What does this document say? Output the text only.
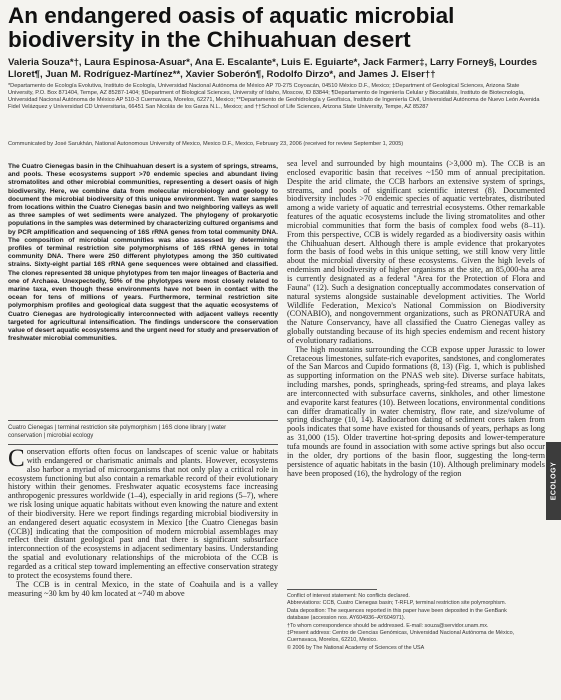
An endangered oasis of aquatic microbial biodiversity in the Chihuahuan desert

Valeria Souza*†, Laura Espinosa-Asuar*, Ana E. Escalante*, Luis E. Eguiarte*, Jack Farmer‡, Larry Forney§, Lourdes Lloret¶, Juan M. Rodríguez-Martínez**, Xavier Soberón¶, Rodolfo Dirzo*, and James J. Elser††

*Departamento de Ecología Evolutiva, Instituto de Ecología, Universidad Nacional Autónoma de México AP 70-275 Coyoacán, 04510 México D.F., Mexico; ‡Department of Geological Sciences, Arizona State University, P.O. Box 871404, Tempe, AZ 85287-1404; §Department of Biological Sciences, University of Idaho, Moscow, ID 83844; ¶Departamento de Ingeniería Celular y Biocatálisis, Instituto de Biotecnología, Universidad Nacional Autónoma de México AP 510-3 Cuernavaca, Morelos, 62271, Mexico; **Departamento de Geohidrología y Geofísica, Instituto de Ingeniería Civil, Universidad Autónoma de Nuevo León Avenida Fidel Velázquez y Universidad CD Universitaria, 66451 San Nicolás de los Garza N.L., Mexico; and ††School of Life Sciences, Arizona State University, Tempe, AZ 85287

Communicated by José Sarukhán, National Autonomous University of Mexico, Mexico D.F., Mexico, February 23, 2006 (received for review September 1, 2005)

The Cuatro Cienegas basin in the Chihuahuan desert is a system of springs, streams, and pools. These ecosystems support >70 endemic species and abundant living stromatolites and other microbial communities, representing a desert oasis of high biodiversity. Here, we combine data from molecular microbiology and geology to document the microbial biodiversity of this unique environment. Ten water samples from locations within the Cuatro Cienegas basin and two neighboring valleys as well as three samples of wet sediments were analyzed. The phylogeny of prokaryotic populations in the samples was determined by characterizing cultured organisms and by PCR amplification and sequencing of 16S rRNA genes from total community DNA. The composition of microbial communities was also assessed by determining profiles of terminal restriction site polymorphisms of 16S rRNA genes in total community DNA. There were 250 different phylotypes among the 350 cultivated strains. Sixty-eight partial 16S rRNA gene sequences were obtained and classified. The clones represented 38 unique phylotypes from ten major lineages of Bacteria and one of Archaea. Unexpectedly, 50% of the phylotypes were most closely related to marine taxa, even though these environments have not been in contact with the ocean for tens of millions of years. Furthermore, terminal restriction site polymorphism profiles and geological data suggest that the aquatic ecosystems of Cuatro Cienegas are hydrologically interconnected with adjacent valleys recently targeted for agricultural intensification. The findings underscore the conservation value of desert aquatic ecosystems and the urgent need for study and preservation of freshwater microbial communities.

Cuatro Cienegas | terminal restriction site polymorphism | 16S clone library | water conservation | microbial ecology

Conservation efforts often focus on landscapes of scenic value or habitats with endangered or charismatic animals and plants. However, ecosystems also harbor a myriad of microorganisms that not only play a critical role in ecosystem functioning but also contain a remarkable record of their evolutionary history within their genomes. Freshwater aquatic ecosystems face increasing anthropogenic pressures worldwide (1–4), especially in arid regions (5–7), where we risk losing unique aquatic habitats without even knowing the nature and extent of their biodiversity. Here we report findings regarding microbial biodiversity in an endangered desert aquatic ecosystem in Mexico [the Cuatro Cienegas basin (CCB)] indicating that the composition of modern microbial assemblages may reflect their distant geological past and that there is significant subsurface interconnection of the ecosystems in adjacent sedimentary basins. Understanding the spatial and evolutionary relationships of the microbiota of the CCB is regarded as a critical step toward implementing an effective conservation strategy to protect the ecosystems found there.
The CCB is in central Mexico, in the state of Coahuila and is a valley measuring ~30 km by 40 km located at ~740 m above

sea level and surrounded by high mountains (>3,000 m). The CCB is an enclosed evaporitic basin that receives ~150 mm of annual precipitation. Despite the arid climate, the CCB harbors an extensive system of springs, streams, and pools of significant scientific interest (8). Documented biodiversity includes >70 endemic species of aquatic vertebrates, distributed among a wide variety of aquatic and terrestrial ecosystems. Other remarkable features of the aquatic ecosystems include the living stromatolites and other microbial communities that form the basis of complex food webs (8–11). From this perspective, CCB is widely regarded as a biodiversity oasis within the Chihuahuan desert. Although there is ample evidence that prokaryotes form the basis of food webs in this unique setting, we still know very little about the microbial diversity of these ecosystems. Given the high levels of endemism and biodiversity of higher organisms at the site, an 85,000-ha area is currently designated as a federal "Area for the Protection of Flora and Fauna" (12). Such a designation conceptually accommodates conservation of natural systems alongside sustainable development activities. The World Wildlife Federation, Mexico's National Commission on Biodiversity (CONABIO), and nongovernment organizations, such as PRONATURA and the Nature Conservancy, have all classified the Cuatro Cienegas valley as globally outstanding because of its high species endemism and recent history of evolutionary radiations.

The high mountains surrounding the CCB expose upper Jurassic to lower Cretaceous limestones, sulfate-rich evaporites, sandstones, and conglomerates of the San Marcos and Cupido formations (8, 13) (Fig. 1, which is published as supporting information on the PNAS web site). Diverse surface habitats, including marshes, ponds, springheads, spring-fed streams, and playa lakes are interconnected with subsurface caverns, sinkholes, and other limestone and evaporite karst features (10). Between locations, environmental conditions can differ dramatically in water chemistry, flow rate, and size/volume of spring discharge (10, 14). Radiocarbon dating of sediment cores taken from pools indicates that some have existed for thousands of years, perhaps as long as 31,000 (15). Older travertine hot-spring deposits and lower-temperature tufa mounds are found in association with some active springs but also occur in the older, dry portions of the basin floor, suggesting the long-term persistence of aquatic habitats in the basin (10). Although preliminary models have been proposed (16), the hydrology of the region

Conflict of interest statement: No conflicts declared.
Abbreviations: CCB, Cuatro Cienegas basin; T-RFLP, terminal restriction site polymorphism.
Data deposition: The sequences reported in this paper have been deposited in the GenBank
database (accession nos. AY604936–AY604971).
†To whom correspondence should be addressed. E-mail: souza@servidor.unam.mx.
‡Present address: Centro de Ciencias Genómicas, Universidad Nacional Autónoma de México, Cuernavaca, Morelos, 62210, Mexico.
© 2006 by The National Academy of Sciences of the USA
ECOLOGY
